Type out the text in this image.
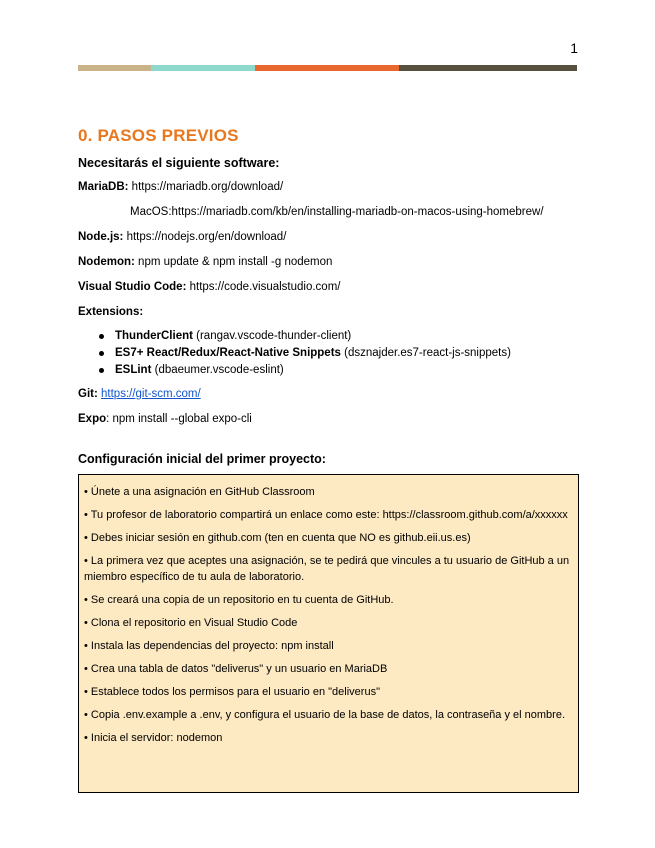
1
0. PASOS PREVIOS
Necesitarás el siguiente software:
MariaDB: https://mariadb.org/download/
MacOS:https://mariadb.com/kb/en/installing-mariadb-on-macos-using-homebrew/
Node.js: https://nodejs.org/en/download/
Nodemon: npm update & npm install -g nodemon
Visual Studio Code: https://code.visualstudio.com/
Extensions:
ThunderClient (rangav.vscode-thunder-client)
ES7+ React/Redux/React-Native Snippets (dsznajder.es7-react-js-snippets)
ESLint (dbaeumer.vscode-eslint)
Git: https://git-scm.com/
Expo: npm install --global expo-cli
Configuración inicial del primer proyecto:
• Únete a una asignación en GitHub Classroom
• Tu profesor de laboratorio compartirá un enlace como este: https://classroom.github.com/a/xxxxxx
• Debes iniciar sesión en github.com (ten en cuenta que NO es github.eii.us.es)
• La primera vez que aceptes una asignación, se te pedirá que vincules a tu usuario de GitHub a un miembro específico de tu aula de laboratorio.
• Se creará una copia de un repositorio en tu cuenta de GitHub.
• Clona el repositorio en Visual Studio Code
• Instala las dependencias del proyecto: npm install
• Crea una tabla de datos "deliverus" y un usuario en MariaDB
• Establece todos los permisos para el usuario en "deliverus"
• Copia .env.example a .env, y configura el usuario de la base de datos, la contraseña y el nombre.
• Inicia el servidor: nodemon
